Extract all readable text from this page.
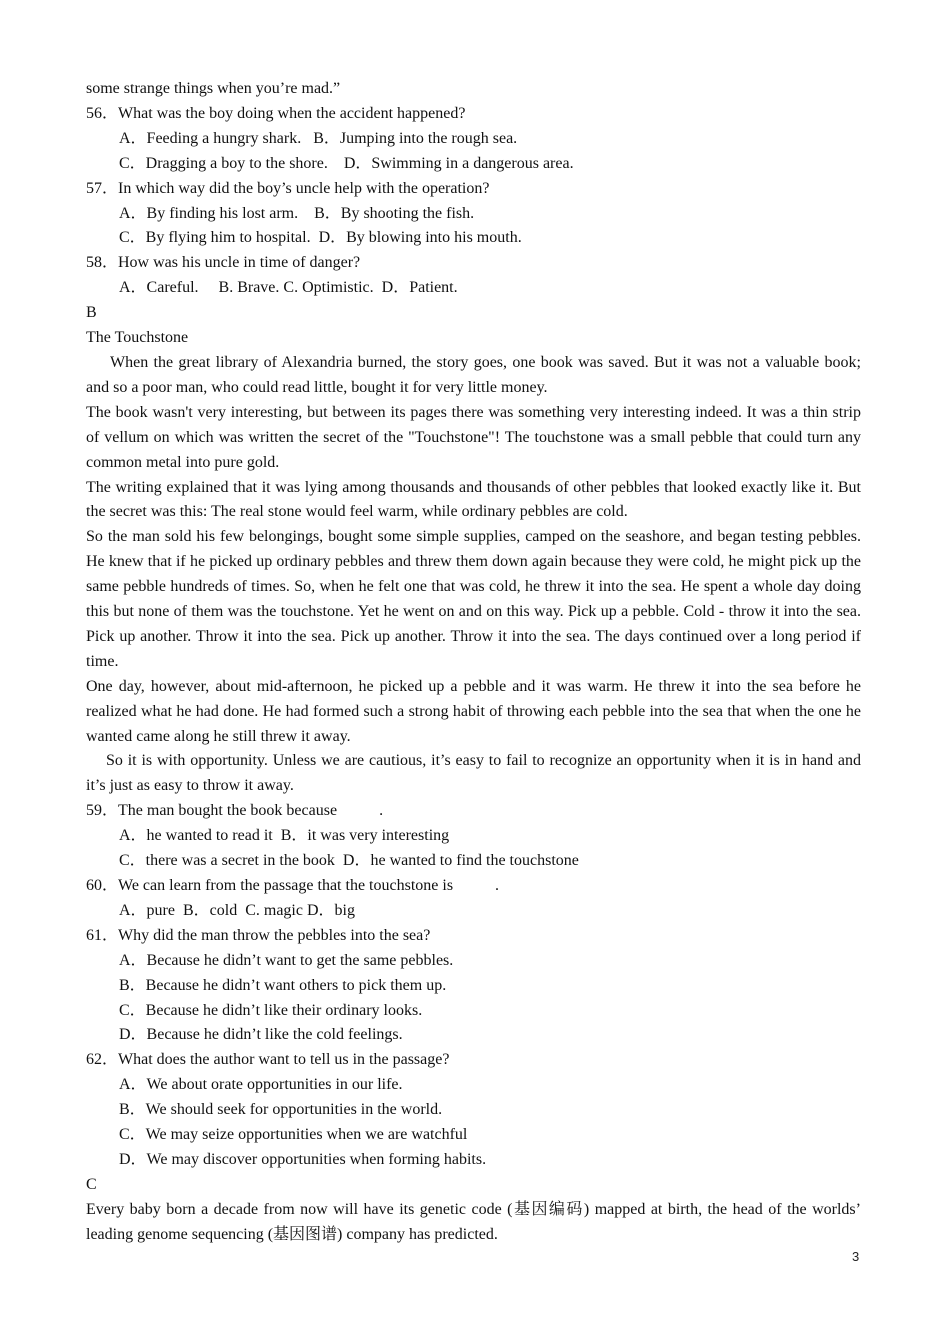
some strange things when you’re mad.”
56．What was the boy doing when the accident happened?
A．Feeding a hungry shark.   B．Jumping into the rough sea.
C．Dragging a boy to the shore.    D．Swimming in a dangerous area.
57．In which way did the boy’s uncle help with the operation?
A．By finding his lost arm.    B．By shooting the fish.
C．By flying him to hospital.  D．By blowing into his mouth.
58．How was his uncle in time of danger?
A．Careful.     B. Brave. C. Optimistic.  D．Patient.
B
The Touchstone
When the great library of Alexandria burned, the story goes, one book was saved. But it was not a valuable book; and so a poor man, who could read little, bought it for very little money.
The book wasn't very interesting, but between its pages there was something very interesting indeed. It was a thin strip of vellum on which was written the secret of the "Touchstone"! The touchstone was a small pebble that could turn any common metal into pure gold.
The writing explained that it was lying among thousands and thousands of other pebbles that looked exactly like it. But the secret was this: The real stone would feel warm, while ordinary pebbles are cold.
So the man sold his few belongings, bought some simple supplies, camped on the seashore, and began testing pebbles. He knew that if he picked up ordinary pebbles and threw them down again because they were cold, he might pick up the same pebble hundreds of times. So, when he felt one that was cold, he threw it into the sea. He spent a whole day doing this but none of them was the touchstone. Yet he went on and on this way. Pick up a pebble. Cold - throw it into the sea. Pick up another. Throw it into the sea. Pick up another. Throw it into the sea. The days continued over a long period if time.
One day, however, about mid-afternoon, he picked up a pebble and it was warm. He threw it into the sea before he realized what he had done. He had formed such a strong habit of throwing each pebble into the sea that when the one he wanted came along he still threw it away.
So it is with opportunity. Unless we are cautious, it’s easy to fail to recognize an opportunity when it is in hand and it’s just as easy to throw it away.
59．The man bought the book because	.
A．he wanted to read it  B．it was very interesting
C．there was a secret in the book  D．he wanted to find the touchstone
60．We can learn from the passage that the touchstone is	.
A．pure  B．cold  C. magic D．big
61．Why did the man throw the pebbles into the sea?
A．Because he didn’t want to get the same pebbles.
B．Because he didn’t want others to pick them up.
C．Because he didn’t like their ordinary looks.
D．Because he didn’t like the cold feelings.
62．What does the author want to tell us in the passage?
A．We about orate opportunities in our life.
B．We should seek for opportunities in the world.
C．We may seize opportunities when we are watchful
D．We may discover opportunities when forming habits.
C
Every baby born a decade from now will have its genetic code (基因编码) mapped at birth, the head of the worlds’ leading genome sequencing (基因图谱) company has predicted.
3
